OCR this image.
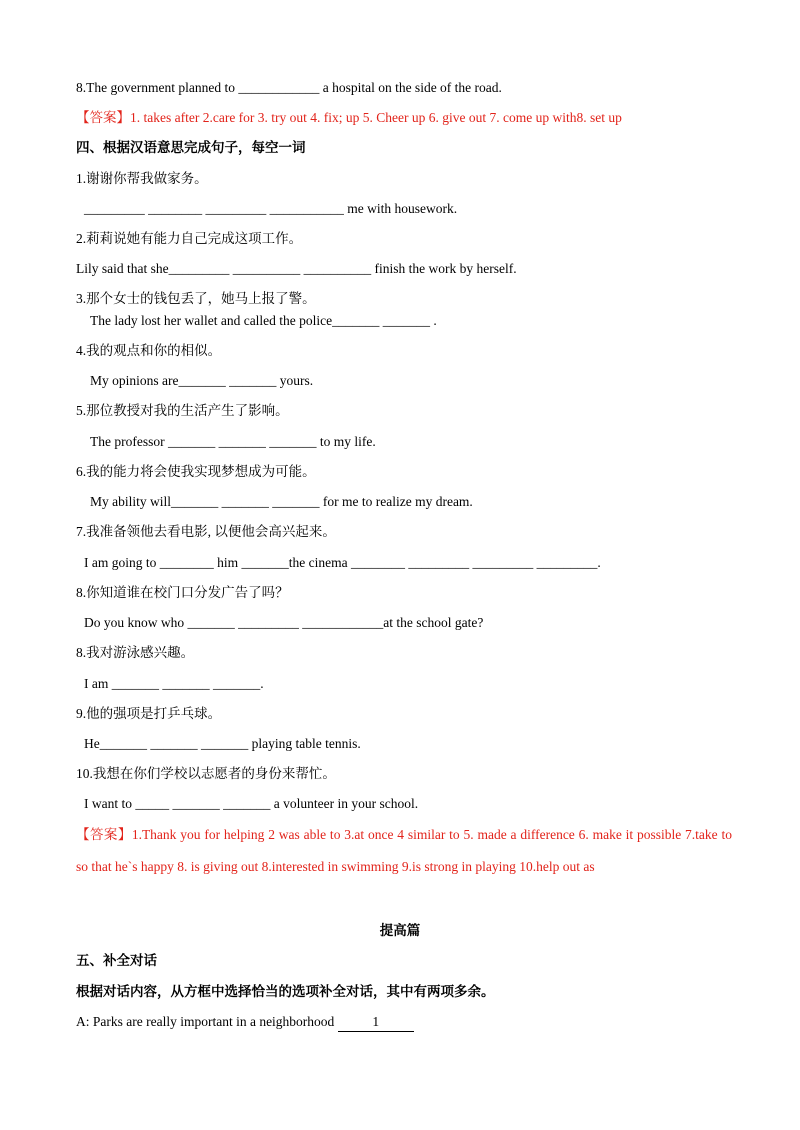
8.The government planned to ____________ a hospital on the side of the road.
【答案】1. takes after 2.care for 3. try out 4. fix; up 5. Cheer up 6. give out 7. come up with8. set up
四、根据汉语意思完成句子，每空一词
1.谢谢你帮我做家务。
_________ ________ _________ ___________ me with housework.
2.莉莉说她有能力自己完成这项工作。
Lily said that she_________ __________ __________ finish the work by herself.
3.那个女士的钱包丢了，她马上报了警。
The lady lost her wallet and called the police_______ _______ .
4.我的观点和你的相似。
My opinions are_______ _______ yours.
5.那位教授对我的生活产生了影响。
The professor _______ _______ _______ to my life.
6.我的能力将会使我实现梦想成为可能。
My ability will_______ _______ _______ for me to realize my dream.
7.我准备领他去看电影, 以便他会高兴起来。
I am going to ________ him _______the cinema ________ _________ _________ _________.
8.你知道谁在校门口分发广告了吗？
Do you know who _______ _________ ____________at the school gate?
8.我对游泳感兴趣。
I am _______ _______ _______.
9.他的强项是打乒乓球。
He_______ _______ _______ playing table tennis.
10.我想在你们学校以志愿者的身份来帮忙。
I want to _____ _______ _______ a volunteer in your school.
【答案】1.Thank you for helping 2 was able to 3.at once 4 similar to 5. made a difference 6. make it possible 7.take to so that he`s happy 8. is giving out 8.interested in swimming 9.is strong in playing 10.help out as
提高篇
五、补全对话
根据对话内容，从方框中选择恰当的选项补全对话，其中有两项多余。
A: Parks are really important in a neighborhood	1
